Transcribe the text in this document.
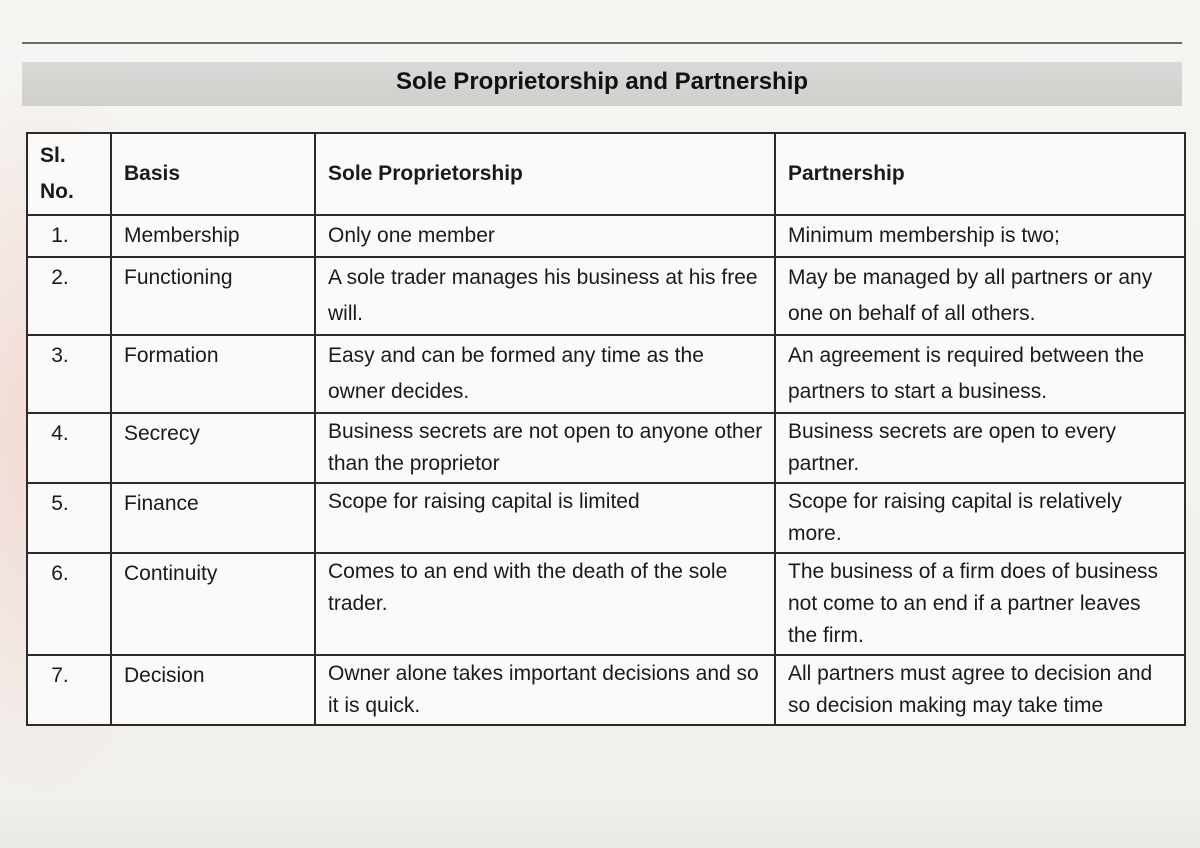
Sole Proprietorship and Partnership
Sl. No.	Basis	Sole Proprietorship	Partnership
1.	Membership	Only one member	Minimum membership is two;
2.	Functioning	A sole trader manages his business at his free will.	May be managed by all partners or any one on behalf of all others.
3.	Formation	Easy and can be formed any time as the owner decides.	An agreement is required between the partners to start a business.
4.	Secrecy	Business secrets are not open to anyone other than the proprietor	Business secrets are open to every partner.
5.	Finance	Scope for raising capital is limited	Scope for raising capital is relatively more.
6.	Continuity	Comes to an end with the death of the sole trader.	The business of a firm does of business not come to an end if a partner leaves the firm.
7.	Decision	Owner alone takes important decisions and so it is quick.	All partners must agree to decision and so decision making may take time
